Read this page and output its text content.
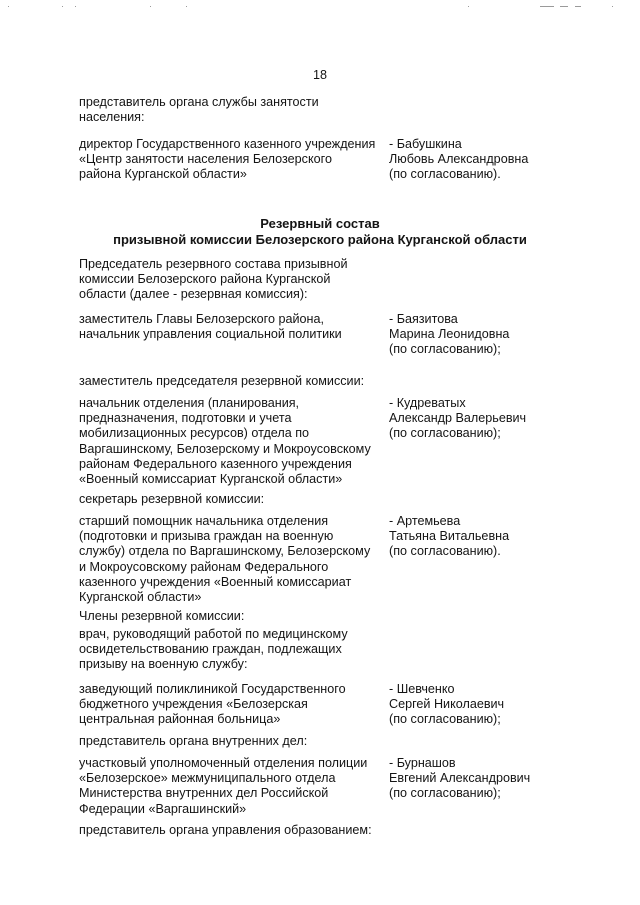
18

представитель органа службы занятости
населения:

директор Государственного казенного учреждения
«Центр занятости населения Белозерского
района Курганской области»

- Бабушкина
Любовь Александровна
(по согласованию).

Резервный состав

призывной комиссии Белозерского района Курганской области

Председатель резервного состава призывной
комиссии Белозерского района Курганской
области (далее - резервная комиссия):

заместитель Главы Белозерского района,
начальник управления социальной политики

- Баязитова
Марина Леонидовна
(по согласованию);

заместитель председателя резервной комиссии:

начальник отделения (планирования,
предназначения, подготовки и учета
мобилизационных ресурсов) отдела по
Варгашинскому, Белозерскому и Мокроусовскому
районам Федерального казенного учреждения
«Военный комиссариат Курганской области»

- Кудреватых
Александр Валерьевич
(по согласованию);

секретарь резервной комиссии:

старший помощник начальника отделения
(подготовки и призыва граждан на военную
службу) отдела по Варгашинскому, Белозерскому
и Мокроусовскому районам Федерального
казенного учреждения «Военный комиссариат
Курганской области»

- Артемьева
Татьяна Витальевна
(по согласованию).

Члены резервной комиссии:

врач, руководящий работой по медицинскому
освидетельствованию граждан, подлежащих
призыву на военную службу:

заведующий поликлиникой Государственного
бюджетного учреждения «Белозерская
центральная районная больница»

- Шевченко
Сергей Николаевич
(по согласованию);

представитель органа внутренних дел:

участковый уполномоченный отделения полиции
«Белозерское» межмуниципального отдела
Министерства внутренних дел Российской
Федерации «Варгашинский»

- Бурнашов
Евгений Александрович
(по согласованию);

представитель органа управления образованием:
